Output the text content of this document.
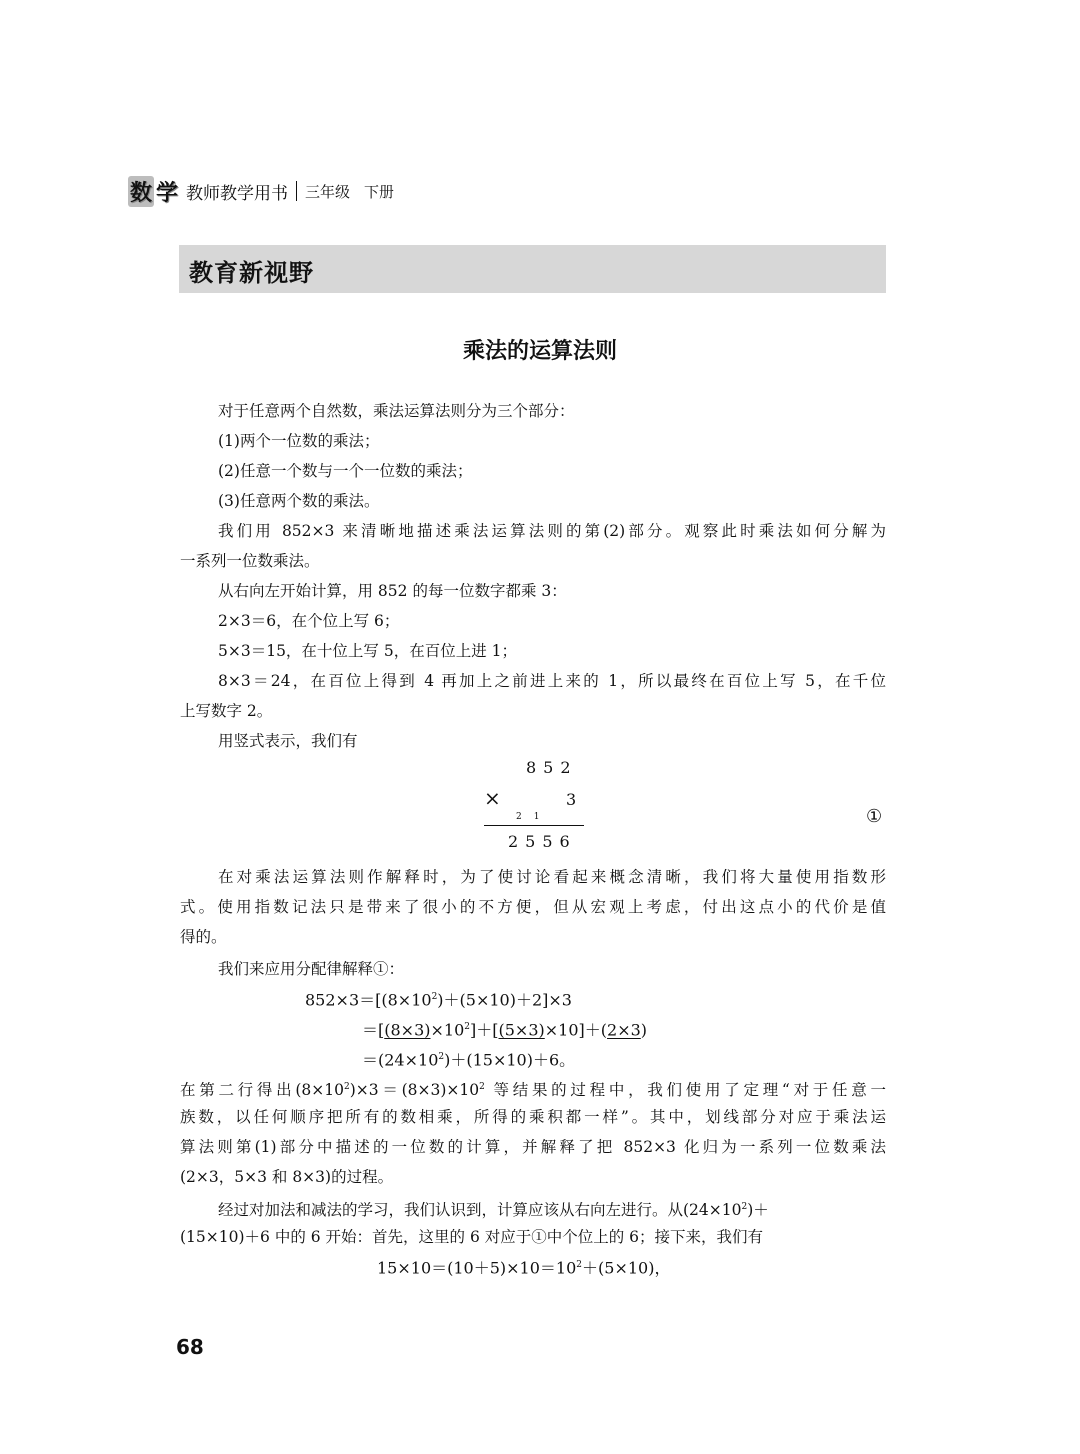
数 学 教师教学用书 三年级 下册
教育新视野
乘法的运算法则
对于任意两个自然数，乘法运算法则分为三个部分：
(1)两个一位数的乘法；
(2)任意一个数与一个一位数的乘法；
(3)任意两个数的乘法。
我们用 852×3 来清晰地描述乘法运算法则的第(2)部分。观察此时乘法如何分解为
一系列一位数乘法。
从右向左开始计算，用 852 的每一位数字都乘 3：
2×3＝6，在个位上写 6；
5×3＝15，在十位上写 5，在百位上进 1；
8×3＝24，在百位上得到 4 再加上之前进上来的 1，所以最终在百位上写 5，在千位
上写数字 2。
用竖式表示，我们有
852
×	3
21
2556
①
在对乘法运算法则作解释时，为了使讨论看起来概念清晰，我们将大量使用指数形
式。使用指数记法只是带来了很小的不方便，但从宏观上考虑，付出这点小的代价是值
得的。
我们来应用分配律解释①：
$852\times 3=[(8\times 10^2)+(5\times 10)+2]\times 3$
$=[(8\times 3)\times 10^2]+[(5\times 3)\times 10]+(2\times 3)$
$=(24\times 10^2)+(15\times 10)+6$。
在第二行得出$(8\times 10^2)\times 3=(8\times 3)\times 10^2$ 等结果的过程中，我们使用了定理“对于任意一
族数，以任何顺序把所有的数相乘，所得的乘积都一样”。其中，划线部分对应于乘法运
算法则第(1)部分中描述的一位数的计算，并解释了把 852×3 化归为一系列一位数乘法
(2×3，5×3 和 8×3)的过程。
经过对加法和减法的学习，我们认识到，计算应该从右向左进行。从$(24\times 10^2)+$
(15×10)＋6 中的 6 开始：首先，这里的 6 对应于①中个位上的 6；接下来，我们有
$15\times 10=(10+5)\times 10=10^2+(5\times 10)$，
68
